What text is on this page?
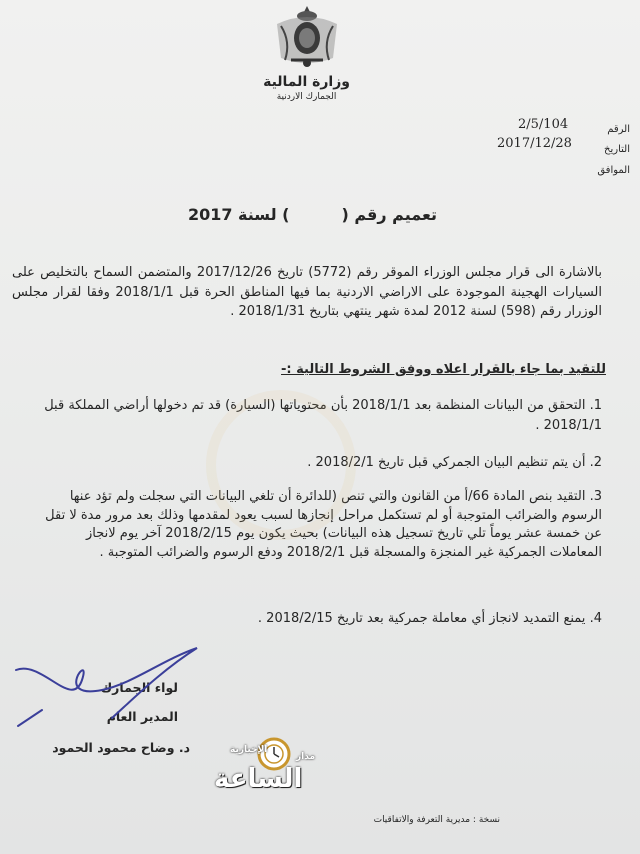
وزارة المالية
الجمارك الاردنية
الرقم
2/5/104
التاريخ
2017/12/28
الموافق
تعميم رقم () لسنة 2017
بالاشارة الى قرار مجلس الوزراء الموقر رقم (5772) تاريخ 2017/12/26 والمتضمن السماح بالتخليص على السيارات الهجينة الموجودة على الاراضي الاردنية بما فيها المناطق الحرة قبل 2018/1/1 وفقا لقرار مجلس الوزرار رقم (598) لسنة 2012 لمدة شهر ينتهي بتاريخ 2018/1/31 .
للتقيد بما جاء بالقرار اعلاه ووفق الشروط التالية :-
1. التحقق من البيانات المنظمة بعد 2018/1/1 بأن محتوياتها (السيارة) قد تم دخولها أراضي المملكة قبل 2018/1/1 .
2. أن يتم تنظيم البيان الجمركي قبل تاريخ 2018/2/1 .
3. التقيد بنص المادة 66/أ من القانون والتي تنص (للدائرة أن تلغي البيانات التي سجلت ولم تؤد عنها الرسوم والضرائب المتوجبة أو لم تستكمل مراحل إنجازها لسبب يعود لمقدمها وذلك بعد مرور مدة لا تقل عن خمسة عشر يوماً تلي تاريخ تسجيل هذه البيانات) بحيث يكون يوم 2018/2/15 آخر يوم لانجاز المعاملات الجمركية غير المنجزة والمسجلة قبل 2018/2/1 ودفع الرسوم والضرائب المتوجبة .
4. يمنع التمديد لانجاز أي معاملة جمركية بعد تاريخ 2018/2/15 .
لواء الجمارك
المدير العام
د. وضاح محمود الحمود
الساعة
مدار
الإخبارية
نسخة : مديرية التعرفة والاتفاقيات
